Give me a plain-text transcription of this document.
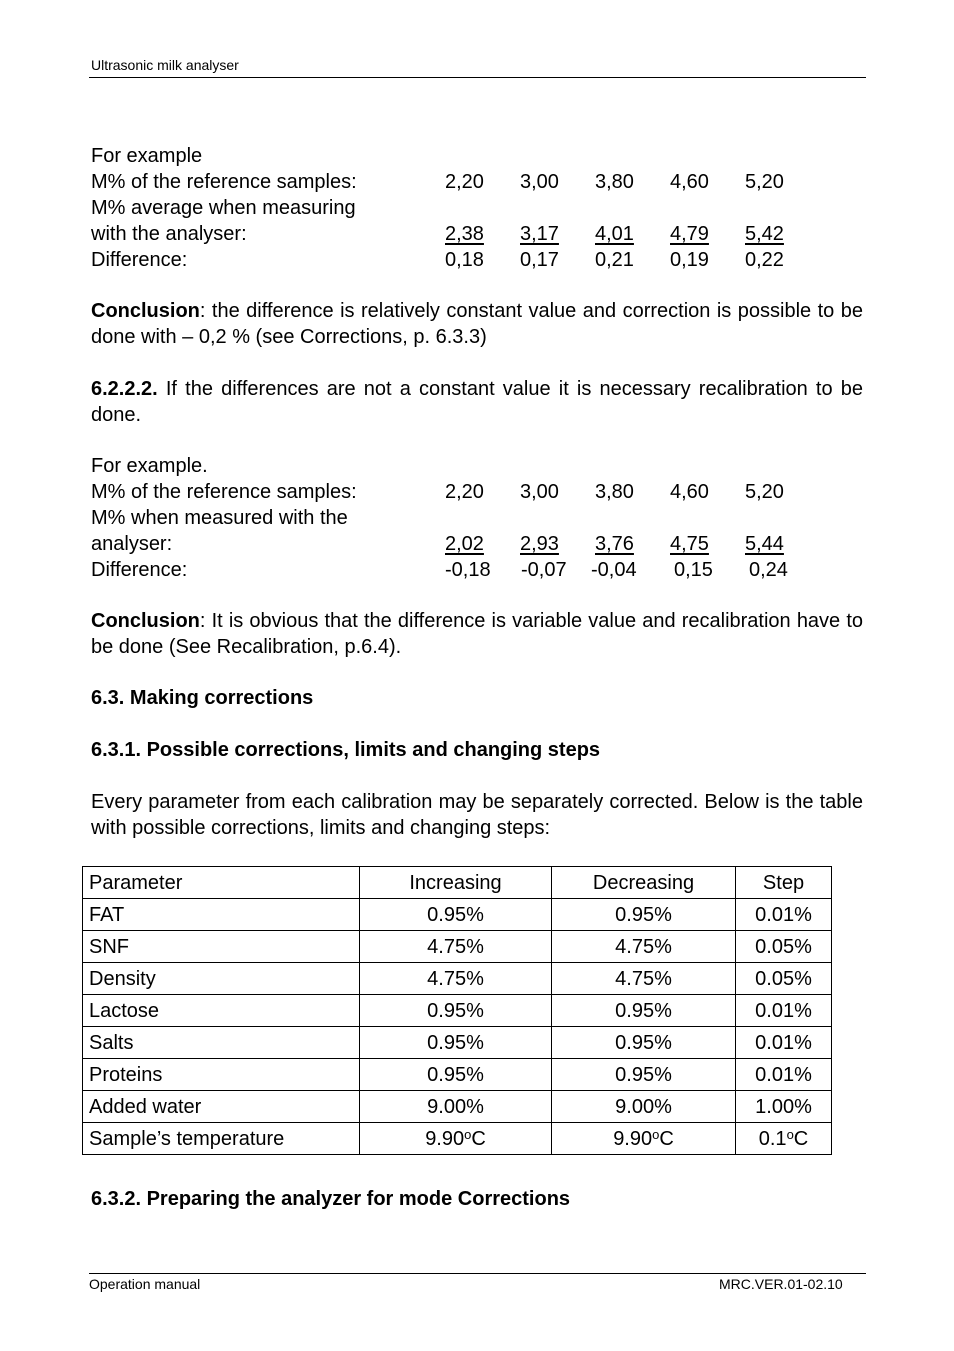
Ultrasonic milk analyser
For example
M% of the reference samples:	2,20 3,00 3,80 4,60 5,20
M% average when measuring
with the analyser:	2,38 3,17 4,01 4,79 5,42
Difference:	0,18 0,17 0,21 0,19 0,22
Conclusion: the difference is relatively constant value and correction is possible to be done with – 0,2 % (see Corrections, p. 6.3.3)
6.2.2.2. If the differences are not a constant value it is necessary recalibration to be done.
For example.
M% of the reference samples:	2,20 3,00 3,80 4,60 5,20
M% when measured with the
analyser:	2,02 2,93 3,76 4,75 5,44
Difference:	-0,18 -0,07 -0,04 0,15 0,24
Conclusion: It is obvious that the difference is variable value and recalibration have to be done (See Recalibration, p.6.4).
6.3. Making corrections
6.3.1. Possible corrections, limits and changing steps
Every parameter from each calibration may be separately corrected. Below is the table with possible corrections, limits and changing steps:
Parameter	Increasing	Decreasing	Step
FAT	0.95%	0.95%	0.01%
SNF	4.75%	4.75%	0.05%
Density	4.75%	4.75%	0.05%
Lactose	0.95%	0.95%	0.01%
Salts	0.95%	0.95%	0.01%
Proteins	0.95%	0.95%	0.01%
Added water	9.00%	9.00%	1.00%
Sample’s temperature	9.90$^o$C	9.90$^o$C	0.1$^o$C
6.3.2. Preparing the analyzer for mode Corrections
Operation manual	MRC.VER.01-02.10
